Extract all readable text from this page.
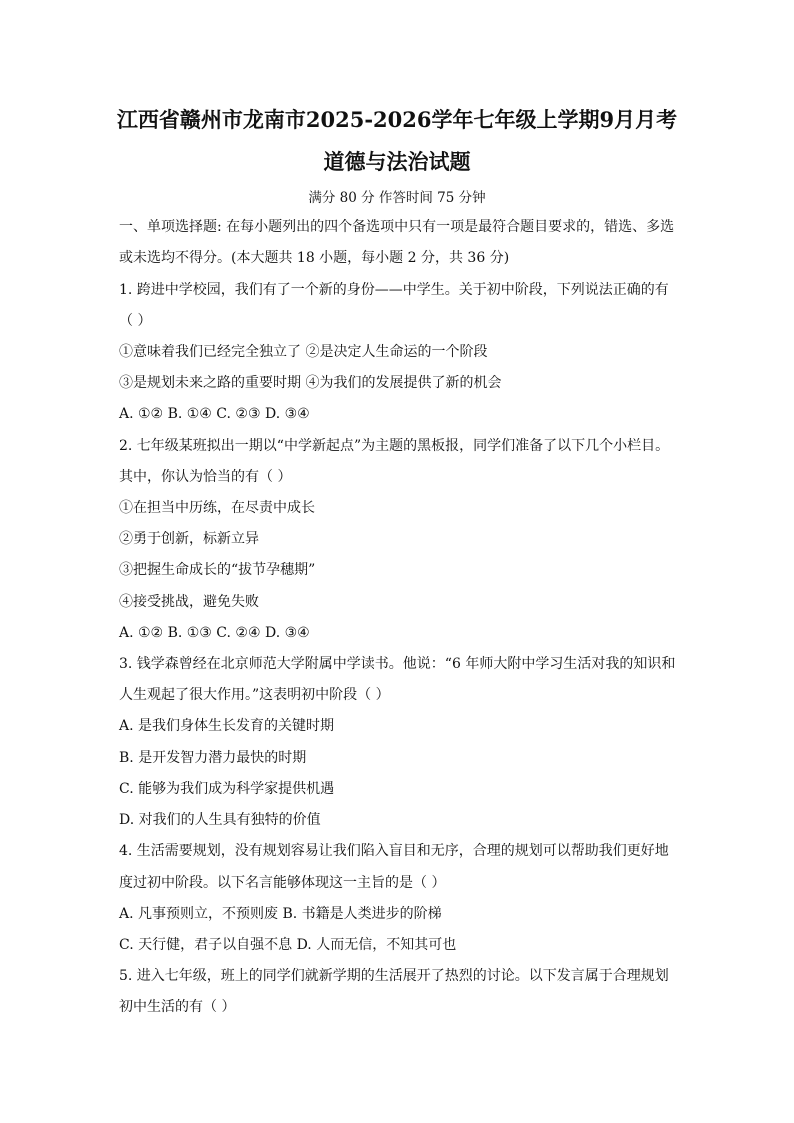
江西省赣州市龙南市2025-2026学年七年级上学期9月月考
道德与法治试题
满分 80 分 作答时间 75 分钟
一、单项选择题: 在每小题列出的四个备选项中只有一项是最符合题目要求的，错选、多选
或未选均不得分。(本大题共 18 小题，每小题 2 分，共 36 分)
1. 跨进中学校园，我们有了一个新的身份——中学生。关于初中阶段，下列说法正确的有
（ ）
①意味着我们已经完全独立了 ②是决定人生命运的一个阶段
③是规划未来之路的重要时期 ④为我们的发展提供了新的机会
A. ①② B. ①④ C. ②③ D. ③④
2. 七年级某班拟出一期以“中学新起点”为主题的黑板报，同学们准备了以下几个小栏目。
其中，你认为恰当的有（ ）
①在担当中历练，在尽责中成长
②勇于创新，标新立异
③把握生命成长的“拔节孕穗期”
④接受挑战，避免失败
A. ①② B. ①③ C. ②④ D. ③④
3. 钱学森曾经在北京师范大学附属中学读书。他说：“6 年师大附中学习生活对我的知识和
人生观起了很大作用。”这表明初中阶段（ ）
A. 是我们身体生长发育的关键时期
B. 是开发智力潜力最快的时期
C. 能够为我们成为科学家提供机遇
D. 对我们的人生具有独特的价值
4. 生活需要规划，没有规划容易让我们陷入盲目和无序，合理的规划可以帮助我们更好地
度过初中阶段。以下名言能够体现这一主旨的是（ ）
A. 凡事预则立，不预则废 B. 书籍是人类进步的阶梯
C. 天行健，君子以自强不息 D. 人而无信，不知其可也
5. 进入七年级，班上的同学们就新学期的生活展开了热烈的讨论。以下发言属于合理规划
初中生活的有（ ）
